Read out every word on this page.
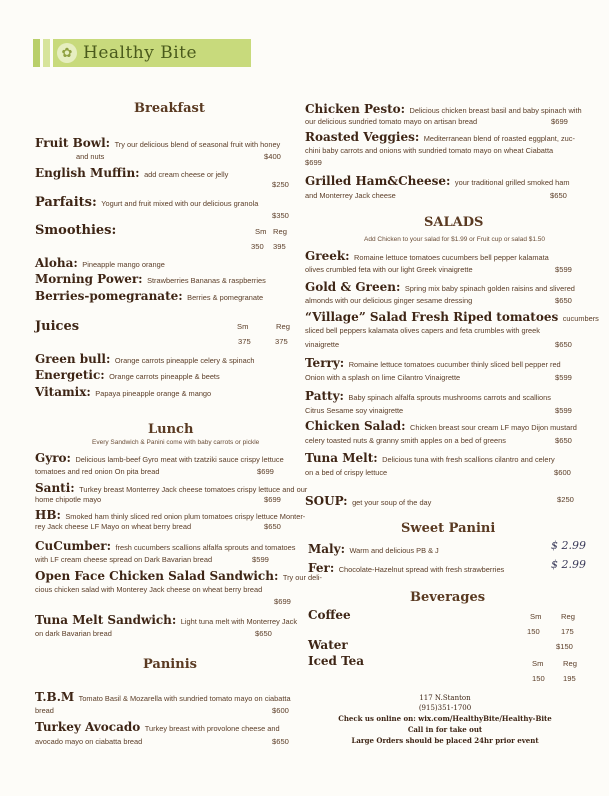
✿ Healthy Bite
Breakfast
Fruit Bowl: Try our delicious blend of seasonal fruit with honey
and nuts	$400
English Muffin: add cream cheese or jelly
$250
Parfaits: Yogurt and fruit mixed with our delicious granola
$350
Smoothies:	Sm Reg
350 395
Aloha: Pineapple mango orange
Morning Power: Strawberries Bananas & raspberries
Berries-pomegranate: Berries & pomegranate
Juices	Sm	Reg
375	375
Green bull: Orange carrots pineapple celery & spinach
Energetic: Orange carrots pineapple & beets
Vitamix: Papaya pineapple orange & mango
Lunch
Every Sandwich & Panini come with baby carrots or pickle
Gyro: Delicious lamb-beef Gyro meat with tzatziki sauce crispy lettuce
tomatoes and red onion On pita bread	$699
Santi: Turkey breast Monterrey Jack cheese tomatoes crispy lettuce and our
home chipotle mayo	$699
HB: Smoked ham thinly sliced red onion plum tomatoes crispy lettuce Monter-
rey Jack cheese LF Mayo on wheat berry bread	$650
CuCumber: fresh cucumbers scallions alfalfa sprouts and tomatoes
with LF cream cheese spread on Dark Bavarian bread	$599
Open Face Chicken Salad Sandwich: Try our deli-
cious chicken salad with Monterey Jack cheese on wheat berry bread
$699
Tuna Melt Sandwich: Light tuna melt with Monterrey Jack
on dark Bavarian bread	$650
Paninis
T.B.M Tomato Basil & Mozarella with sundried tomato mayo on ciabatta
bread	$600
Turkey Avocado Turkey breast with provolone cheese and
avocado mayo on ciabatta bread	$650
Chicken Pesto: Delicious chicken breast basil and baby spinach with
our delicious sundried tomato mayo on artisan bread	$699
Roasted Veggies: Mediterranean blend of roasted eggplant, zuc-
chini baby carrots and onions with sundried tomato mayo on wheat Ciabatta
$699
Grilled Ham&Cheese: your traditional grilled smoked ham
and Monterrey Jack cheese	$650
SALADS
Add Chicken to your salad for $1.99 or Fruit cup or salad $1.50
Greek: Romaine lettuce tomatoes cucumbers bell pepper kalamata
olives crumbled feta with our light Greek vinaigrette	$599
Gold & Green: Spring mix baby spinach golden raisins and slivered
almonds with our delicious ginger sesame dressing	$650
“Village” Salad Fresh Riped tomatoes cucumbers
sliced bell peppers kalamata olives capers and feta crumbles with greek
vinaigrette	$650
Terry: Romaine lettuce tomatoes cucumber thinly sliced bell pepper red
Onion with a splash on lime Cilantro Vinaigrette	$599
Patty: Baby spinach alfalfa sprouts mushrooms carrots and scallions
Citrus Sesame soy vinaigrette	$599
Chicken Salad: Chicken breast sour cream LF mayo Dijon mustard
celery toasted nuts & granny smith apples on a bed of greens	$650
Tuna Melt: Delicious tuna with fresh scallions cilantro and celery
on a bed of crispy lettuce	$600
SOUP: get your soup of the day	$250
Sweet Panini
Maly: Warm and delicious PB & J	$ 2.99
Fer: Chocolate-Hazelnut spread with fresh strawberries	$ 2.99
Beverages
Coffee	Sm	Reg
150	175
Water	$150
Iced Tea	Sm	Reg
150 195
117 N.Stanton
(915)351-1700
Check us online on: wix.com/HealthyBite/Healthy-Bite
Call in for take out
Large Orders should be placed 24hr prior event
